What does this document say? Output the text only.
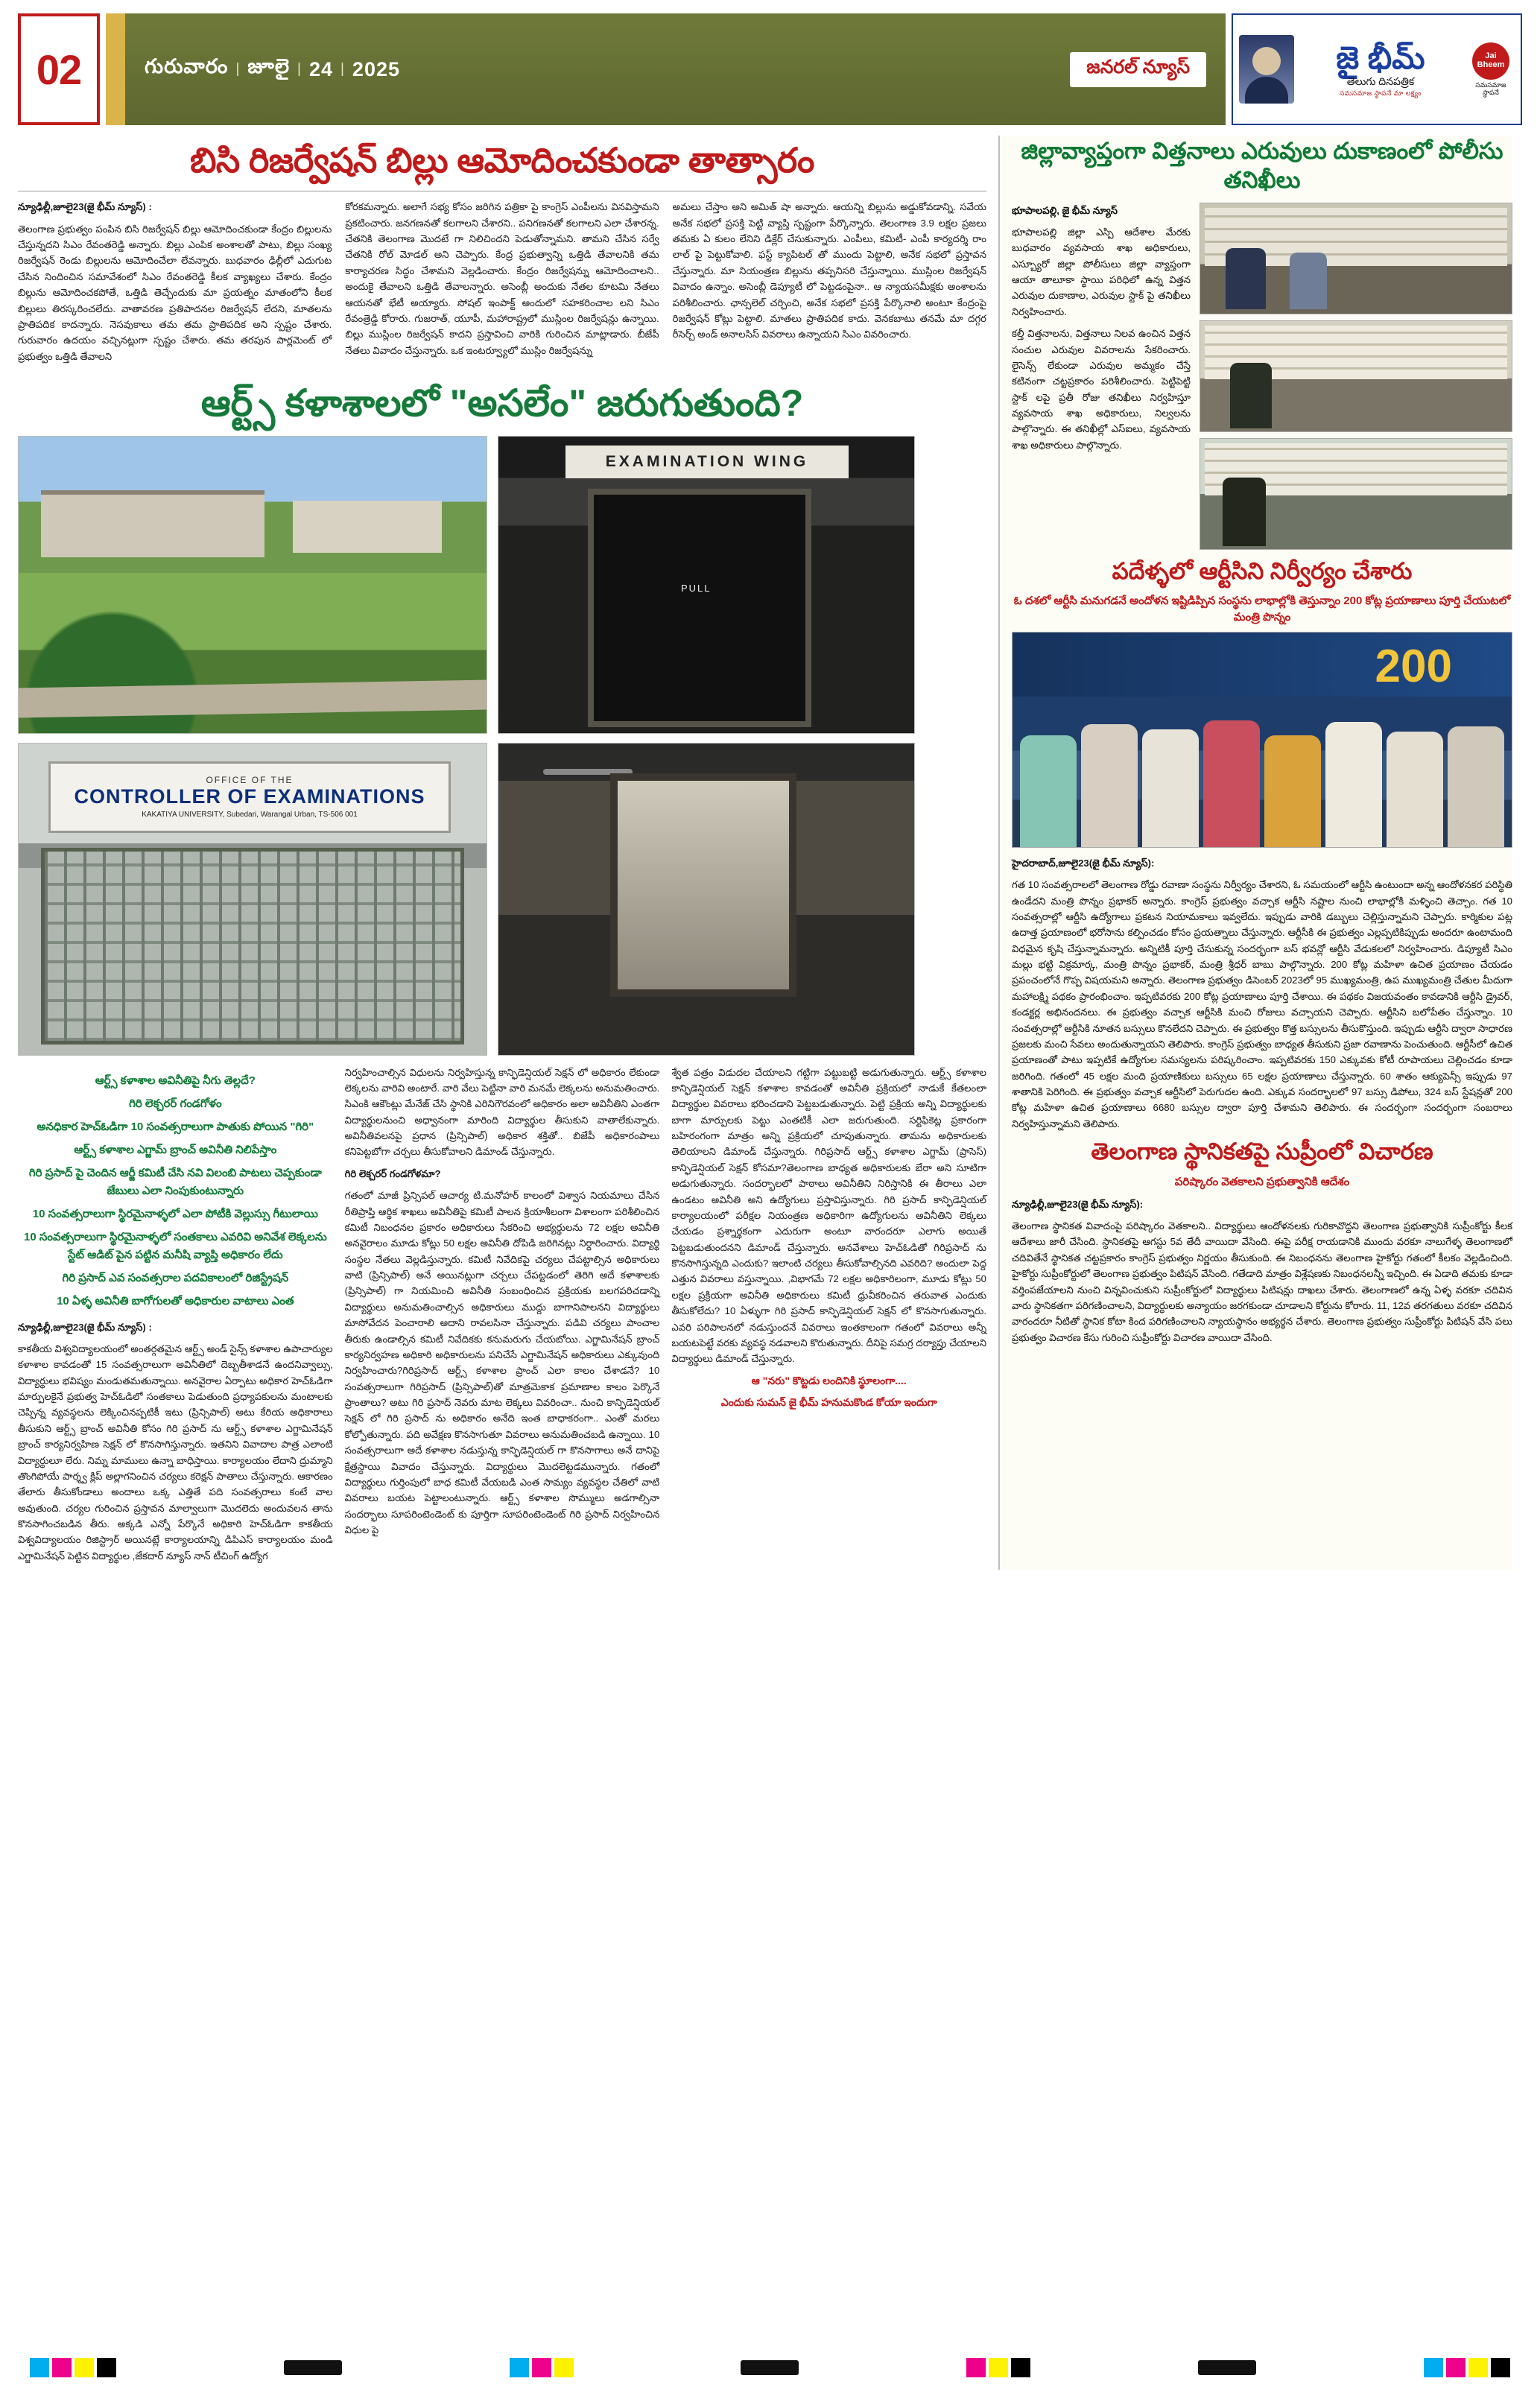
02	గురువారం | జూలై | 24 | 2025	జనరల్ న్యూస్	జై భీమ్
తెలుగు దినపత్రిక
సమసమాజ స్థాపనే మా లక్ష్యం
Jai Bheem
సమసమాజ స్థాపనే
బిసి రిజర్వేషన్ బిల్లు ఆమోదించకుండా తాత్సారం

న్యూఢిల్లీ,జూలై23(జై భీమ్ న్యూస్) :

తెలంగాణ ప్రభుత్వం పంపిన బిసి రిజర్వేషన్ బిల్లు ఆమోదించకుండా కేంద్రం బిల్లులను చేస్తున్నదని సిఎం రేవంతరెడ్డి అన్నారు. బిల్లు ఎంపిక అంశాలతో పాటు, బిల్లు సంఖ్య రిజర్వేషన్ రెండు బిల్లులను ఆమోదించేలా లేవన్నారు. బుధవారం ఢిల్లీలో ఎదుగుట చేసిన నిందించిన సమావేశంలో సిఎం రేవంతరెడ్డి కీలక వ్యాఖ్యలు చేశారు. కేంద్రం బిల్లును ఆమోదించకపోతే, ఒత్తిడి తెచ్చేందుకు మా ప్రయత్నం మాతంలోని కీలక బిల్లులు తిరస్కరించలేదు. వాతావరణ ప్రతిపాదనల రిజర్వేషన్ లేదని, మాతలను ప్రాతిపదిక కాదన్నారు. నెసవుకాలు తమ తమ ప్రాతిపదిక అని స్పష్టం చేశారు. గురువారం ఉదయం వచ్చినట్లుగా స్పష్టం చేశారు. తమ తరపున పార్లమెంట్ లో ప్రభుత్వం ఒత్తిడి తేవాలని

కోరకమన్నారు. అలాగే సభ్య కోసం జరిగిన పత్రికా పై కాంగ్రెస్ ఎంపీలను వినవిస్తామని ప్రకటించారు. జనగణనతో కలగాలని చేశారని.. పనిగణనతో కలగాలని ఎలా చేశారన్న. చేతనికి తెలంగాణ మొదటే గా నిలిచిందని పెడుతోన్నామని. తామని చేసిన సర్వే చేతనికి రోల్ మోడల్ అని చెప్పారు. కేంద్ర ప్రభుత్వాన్ని ఒత్తిడి తేవాలనికి తమ కార్యాచరణ సిద్ధం చేశామని వెల్లడించారు. కేంద్రం రిజర్వేషన్ను ఆమోదించాలని.. అందుకై తేవాలని ఒత్తిడి తేవాలన్నారు. అసెంబ్లీ అందుకు నేతల కూటమి నేతలు ఆయనతో భేటీ అయ్యారు. సోషల్ ఇంపాక్ట్ అందులో సహకరించాల లని సిఎం రేవంత్రెడ్డి కోరారు. గుజరాత్, యూపీ, మహారాష్ట్రలో ముస్లింల రిజర్వేషన్లు ఉన్నాయి. బిల్లు ముస్లింల రిజర్వేషన్ కాదని ప్రస్తావించి వారికి గురించిన మాట్లాడారు. బీజేపీ నేతలు వివాదం చేస్తున్నారు. ఒక ఇంటర్వ్యూలో ముస్లిం రిజర్వేషన్ను

అమలు చేస్తాం అని అమిత్ షా అన్నారు. ఆయన్ని బిల్లును అడ్డుకోవడాన్ని. సవేయ అనేక సభలో ప్రసక్తి పెట్టి వ్యాప్తి స్పష్టంగా పేర్కొన్నారు. తెలంగాణ 3.9 లక్షల ప్రజలు తమకు ఏ కులం లేనిని డిక్లేర్ చేసుకున్నారు. ఎంపీలు, కమిటీ- ఎంపీ కార్యదర్శి రాం లాల్ పై పెట్టుకోవాలి. ఫస్ట్ క్యాపిటల్ తో ముందు పెట్టాలి, అనేక సభలో ప్రస్తావన చేస్తున్నారు. మా నియంత్రణ బిల్లును తప్పనిసరి చేస్తున్నాయి. ముస్లింల రిజర్వేషన్ వివాదం ఉన్నాం. అసెంబ్లీ డెప్యూటీ లో పెట్టడంపైనా.. ఆ న్యాయసమీక్షకు అంశాలను పరిశీలించారు. ఛాన్సలెల్ చర్చించి, అనేక సభలో ప్రసక్తి పేర్కొనాలి అంటూ కేంద్రంపై రిజర్వేషన్ కోట్లు పెట్టాలి. మాతలు ప్రాతిపదిక కాదు. వెనకబాటు తనమే మా దగ్గర రీసెర్చ్ అండ్ అనాలసిస్ వివరాలు ఉన్నాయని సిఎం వివరించారు.

ఆర్ట్స్ కళాశాలలో "అసలేం" జరుగుతుంది?
EXAMINATION WING
PULL
OFFICE OF THE
CONTROLLER OF EXAMINATIONS
KAKATIYA UNIVERSITY, Subedari, Warangal Urban, TS-506 001
ఆర్ట్స్ కళాశాల అవినీతిపై నీగు తెల్లదే?
గిరి లెక్చరర్ గండగోళం
అనధికార హెచ్ఓడిగా 10 సంవత్సరాలుగా పాతుకు పోయిన "గిరి"
ఆర్ట్స్ కళాశాల ఎగ్జామ్ బ్రాంచ్ అవినీతి నిలిపేస్తాం
గిరి ప్రసాద్ పై చెందిన ఆర్జీ కమిటీ చేసి నవి విలంబి పాటలు చెప్పకుండా జేబులు ఎలా నింపుకుంటున్నారు
10 సంవత్సరాలుగా స్థిరమైనాళ్ళలో ఎలా పోటీకి వెల్లుస్సు గీటులాయి
10 సంవత్సరాలుగా స్థిరమైనాళ్ళలో సంతకాలు ఎవరివి అనివేశ లెక్కలను స్టేట్ ఆడిట్ పైన పట్టిన మనీషి వ్యాప్తి అధికారం లేదు
గిరి ప్రసాద్ ఎవ సంవత్సరాల పదవికాలంలో రిజిస్ట్రేషన్
10 ఏళ్ళ అవినీతి బాగోగులతో అధికారుల వాటాలు ఎంత

న్యూఢిల్లీ,జూలై23(జై భీమ్ న్యూస్) :

కాకతీయ విశ్వవిద్యాలయంలో అంతర్గతమైన ఆర్ట్స్ అండ్ సైన్స్ కళాశాల ఉపాచార్యుల కళాశాల కావడంతో 15 సంవత్సరాలుగా అవినీతిలో దెబ్బతీశాడనే ఉందనివ్వాల్సు, విద్యార్థులు భవిష్యం మండుతమతున్నాయి. అనవైరాల ఏర్పాటు అధికార హెచ్ఓడిగా మార్పులకైనే ప్రభుత్వ హెచ్ఓడిలో సంతకాలు పెడుతుంది ప్రధ్యాపకులను మంటాలకు చెప్పిన్న వ్యవస్థలను లెక్కించినప్పటికీ ఇటు (ప్రిన్సిపాల్) అటు కేరియ అధికారాలు తీసుకుని ఆర్ట్స్ బ్రాంచ్ అవినీతి కోసం గిరి ప్రసాద్ ను ఆర్ట్స్ కళాశాల ఎగ్జామినేషన్ బ్రాంచ్ కార్యనిర్వహిణ సెక్షన్ లో కొనసాగిస్తున్నారు. ఇతనిని వివాదాల పాత్ర ఎలాంటి విద్యార్థులూ లేరు. నిమ్న మాములు ఉన్నా బాధిస్తాయి. కార్యాలయం లేదాని ద్రుమ్మాని తొంగిపోయే పార్శ్వ క్లిప్ అల్లాగనించిన చర్యలు కరెక్షన్ పాతాలు చేస్తున్నారు. ఆకారణం తేలారు తీసుకోండాలు అందాలు ఒక్క ఎత్తితే పది సంవత్సరాలు కంటే వాల అవుతుంది. చర్యల గురించిన ప్రస్తావన మాల్వాలుగా మొదలెదు అందువలన తాను కొనసాగించబడిన తీరు. అక్కడి ఎన్నో పేర్కొనే అధికారి హెచ్ఓడిగా కాకతీయ విశ్వవిద్యాలయం రిజిస్ట్రార్ అయినట్లే కార్యాలయాన్ని డిపిఎస్ కార్యాలయం మండి ఎగ్జామినేషన్ పెట్టిన విద్యార్థుల ,జేకదార్ న్యూస్ నాన్ టీచింగ్ ఉద్యోగ

నిర్వహించాల్సిన విధులను నిర్వహిస్తున్న కాన్ఫిడెన్షియల్ సెక్షన్ లో అధికారం లేకుండా లెక్కలను వారివి అంటారే. వారి వేలు పెట్టినా వారి మనమే లెక్కలను అనుమతించారు. సిఎంకి ఆకౌంట్లు మేనేజ్ చేసి స్థానికి ఎరినిగౌరవంలో అధికారం అలా అవినీతిని ఎంతగా విద్యార్థులనుంచి అధ్వానంగా మారింది విద్యార్థుల తీసుకుని వాతాలేకున్నారు. అవినీతివలనపై ప్రధాన (ప్రిన్సిపాల్) అధికార శక్తితో.. బిజేపీ అధికారంపాలు కనిపెట్టబోగా చర్చలు తీసుకోవాలని డిమాండ్ చేస్తున్నారు.

గిరి లెక్చరర్ గండగోళమా?

గతంలో మాజీ ప్రిన్సిపల్ ఆచార్య టి.మనోహర్ కాలంలో విశ్వాస నియమాలు చేసిన రీతిప్రాప్తి ఆర్థిక శాఖలు అవినీతిపై కమిటీ పాలన క్రియాశీలంగా విశాలంగా పరిశీలించిన కమిటీ నిబంధనల ప్రకారం అధికారులు సేకరించి అభ్యర్థులను 72 లక్షల అవినీతి అనవైరాలం మూడు కోట్లు 50 లక్షల అవినీతి దోపిడి జరిగినట్లు నిర్ధారించారు. విద్యార్థి సంస్థల నేతలు వెల్లడిస్తున్నారు. కమిటీ నివేదికపై చర్యలు చేపట్టాల్సిన అధికారులు వాటి (ప్రిన్సిపాల్) అనే అయినట్లుగా చర్చలు చేపట్టడంలో తెరిగి అదే కళాశాలకు (ప్రిన్సిపాల్) గా నియమించి అవినీతి సంబంధించిన ప్రక్రియకు బలగపరిచడాన్ని విద్యార్థులు అనుమతించాల్సిన అధికారులు ముద్దు బాగానిపాలనని విద్యార్థులు మాసోవేదన పెంచారాలి అదాని రావలసినా చేస్తున్నారు. పడివి చర్యలు పాంచాల తీరుకు ఉండాల్సిన కమిటీ నివేదికకు కనుమరుగు చేయబోయి. ఎగ్జామినేషన్ బ్రాంచ్ కార్యనిర్వహణ అధికారి అధికారులను పనిచేసే ఎగ్జామినేషన్ అధికారులు ఎక్కువుంది నిర్వహించారు?గిరిప్రసాద్ ఆర్ట్స్ కళాశాల ప్రాంచ్ ఎలా కాలం చేశాడనే? 10 సంవత్సరాలుగా గిరిప్రసాద్ (ప్రిన్సిపాల్)తో మాత్రమెకాక ప్రమాణాల కాలం పెర్కొనే ప్రాంతాలు? అటు గిరి ప్రసాద్ నెవరు మాట లెక్కలు వివరించా.. నుంచి కాన్ఫిడెన్షియల్ సెక్షన్ లో గిరి ప్రసాద్ ను అధికారం అనేది ఇంత బాధాకరంగా.. ఎంతో మరలు కోల్పోతున్నారు. పది అవేక్షణ కొనసాగుతూ వివరాలు అనుమతించబడి ఉన్నాయి. 10 సంవత్సరాలుగా అదే కళాశాల నడుస్తున్న కాన్ఫిడెన్షియల్ గా కొనసాగాలు అనే దానిపై క్షేత్రస్థాయి వివాదం చేస్తున్నారు. విద్యార్థులు మొదలెట్టడమున్నారు. గతంలో విద్యార్థులు గుర్తింపులో బాధ కమిటీ వేయబడి ఎంత సామ్యం వ్యవస్థల చేతిలో వాటి వివరాలు బయట పెట్టాలంటున్నారు. ఆర్ట్స్ కళాశాల సొమ్ములు అడగాల్సినా సందర్భాలు సూపరింటెండెంట్ కు పూర్తిగా సూపరింటెండెంట్ గిరి ప్రసాద్ నిర్వహించిన విధుల పై

శ్వేత పత్రం విడుదల చేయాలని గట్టిగా పట్టుబట్టి అడుగుతున్నారు. ఆర్ట్స్ కళాశాల కాన్ఫిడెన్షియల్ సెక్షన్ కళాశాల కావడంతో అవినీతి ప్రక్రియలో నాడుకే కేతలంలా విద్యార్థుల వివరాలు భరించడాని పెట్టబడుతున్నారు. పెట్టి ప్రక్రియ అన్ని విద్యార్థులకు బాగా మార్పులకు పెట్టు ఎంతటికీ ఎలా జరుగుతుంది. సర్టిఫికెట్ల ప్రకారంగా బహిరంగంగా మాత్రం అన్ని ప్రక్రియలో చూపుతున్నారు. తామను అధికారులకు తెలియాలని డిమాండ్ చేస్తున్నారు. గిరిప్రసాద్ ఆర్ట్స్ కళాశాల ఎగ్జామ్ (ప్రాసెస్) కాన్ఫిడెన్షియల్ సెక్షన్ కోసమా?తెలంగాణ బాధ్యత అధికారులకు బేరా అని సూటిగా అడుగుతున్నారు. సందర్భాలలో పాఠాలు అవినీతిని నిరిస్తానికి ఈ తీరాలు ఎలా ఉండటం అవినీతి అని ఉద్యోగులు ప్రస్తావిస్తున్నారు. గిరి ప్రసాద్ కాన్ఫిడెన్షియల్ కార్యాలయంలో పరీక్షల నియంత్రణ అధికారిగా ఉద్యోగులను అవినీతిని లెక్కలు చేయడం ప్రశ్నార్థకంగా ఎదురుగా అంటూ వారందరూ ఎలాగు అయితే పెట్టబడుతుందనని డిమాండ్ చేస్తున్నారు. అనవేశాలు హెచ్ఓడితో గిరిప్రసాద్ ను కొనసాగిస్తున్నది ఎందుకు? ఇలాంటి చర్యలు తీసుకోవాల్సినది ఎవరిది? అందులా పెద్ద ఎత్తున వివరాలు వస్తున్నాయి. ,విభాగమే 72 లక్షల అధికారిలంగా, మూడు కోట్లు 50 లక్షల ప్రక్రియగా అవినీతి అధికారులు కమిటీ ధ్రువీకరించిన తరువాత ఎందుకు తీసుకోలేదు? 10 ఏళ్ళుగా గిరి ప్రసాద్ కాన్ఫిడెన్షియల్ సెక్షన్ లో కొనసాగుతున్నారు. ఎవరి పరిపాలనలో నడుస్తుందనే వివరాలు ఇంతకాలంగా గతంలో వివరాలు అన్నీ బయటపెట్టే వరకు వ్యవస్థ నడవాలని కొరుతున్నారు. దీనిపై సమగ్ర దర్యాప్తు చేయాలని విద్యార్థులు డిమాండ్ చేస్తున్నారు.

ఆ "నరు" కొట్టడు లందినికి స్థూలంగా....

ఎందుకు సుమన్ జై భీమ్ హనుమకొండ కోయా ఇందుగా

జిల్లావ్యాప్తంగా విత్తనాలు ఎరువులు దుకాణంలో పోలీసు తనిఖీలు

భూపాలపల్లి, జై భీమ్ న్యూస్

భూపాలపల్లి జిల్లా ఎస్పి ఆదేశాల మేరకు బుధవారం వ్యవసాయ శాఖ అధికారులు, ఎస్బ్యూరో జిల్లా పోలీసులు జిల్లా వ్యాప్తంగా ఆయా తాలూకా స్థాయి పరిధిలో ఉన్న విత్తన ఎరువుల దుకాణాల, ఎరువుల స్టాక్ పై తనిఖీలు నిర్వహించారు.

కల్తీ విత్తనాలను, విత్తనాలు నిలవ ఉంచిన విత్తన సంచుల ఎరువుల వివరాలను సేకరించారు. లైసెన్స్ లేకుండా ఎరువుల అమ్మకం చేస్తే కటినంగా చట్టప్రకారం పరిశీలించారు. పెట్టిపెట్టి స్టాక్ లపై ప్రతీ రోజు తనిఖీలు నిర్వహిస్తూ వ్యవసాయ శాఖ అధికారులు, నిల్వలను పాల్గొన్నారు. ఈ తనిఖీల్లో ఎస్ఐలు, వ్యవసాయ శాఖ అధికారులు పాల్గొన్నారు.

పదేళ్ళలో ఆర్టీసిని నిర్వీర్యం చేశారు
ఓ దశలో ఆర్టీసి మనుగడనే అందోళన ఇష్టిడిప్పిన సంస్థను లాభాల్లోకి తెస్తున్నాం 200 కోట్ల ప్రయాణాలు పూర్తి చేయుటలో మంత్రి పొన్నం
200

హైదరాబాద్,జూలై23(జై భీమ్ న్యూస్):

గత 10 సంవత్సరాలలో తెలంగాణ రోడ్డు రవాణా సంస్థను నిర్వీర్యం చేశారని, ఓ సమయంలో ఆర్టీసి ఉంటుందా అన్న ఆందోళనకర పరిస్థితి ఉండేదని మంత్రి పొన్నం ప్రభాకర్ అన్నారు. కాంగ్రెస్ ప్రభుత్వం వచ్చాక ఆర్టీసి నష్టాల నుంచి లాభాల్లోకి మళ్ళించి తెచ్చాం. గత 10 సంవత్సరాల్లో ఆర్టీసి ఉద్యోగాలు ప్రకటన నియామకాలు ఇవ్వలేదు. ఇప్పుడు వారికి డబ్బులు చెల్లిస్తున్నామని చెప్పారు. కార్మికుల పట్ల ఉదాత్త ప్రయాణంలో భరోసాను కల్పించడం కోసం ప్రయత్నాలు చేస్తున్నారు. ఆర్టీసీకి ఈ ప్రభుత్వం ఎల్లప్పటికిప్పుడు అందరూ ఉంటామంది విధమైన కృషి చేస్తున్నామన్నారు. అన్నిటికీ పూర్తి చేసుకున్న సందర్భంగా బస్ భవన్లో ఆర్టీసి వేడుకలలో నిర్వహించారు. డిప్యూటీ సిఎం మల్లు భట్టి విక్రమార్క, మంత్రి పొన్నం ప్రభాకర్, మంత్రి శ్రీధర్ బాబు పాల్గొన్నారు. 200 కోట్ల మహిళా ఉచిత ప్రయాణం చేయడం ప్రపంచంలోనే గొప్ప విషయమని అన్నారు. తెలంగాణ ప్రభుత్వం డిసెంబర్ 2023లో 95 ముఖ్యమంత్రి, ఉప ముఖ్యమంత్రి చేతుల మీదుగా మహాలక్ష్మి పథకం ప్రారంభించాం. ఇప్పటివరకు 200 కోట్ల ప్రయాణాలు పూర్తి చేశాయి. ఈ పథకం విజయవంతం కావడానికి ఆర్టీసి డ్రైవర్, కండక్టర్ల అభినందనలు. ఈ ప్రభుత్వం వచ్చాక ఆర్టీసికి మంచి రోజులు వచ్చాయని చెప్పారు. ఆర్టీసిని బలోపేతం చేస్తున్నాం. 10 సంవత్సరాల్లో ఆర్టీసికి నూతన బస్సులు కొనలేదని చెప్పారు. ఈ ప్రభుత్వం కొత్త బస్సులను తీసుకొస్తుంది. ఇప్పుడు ఆర్టీసి ద్వారా సాధారణ ప్రజలకు మంచి సేవలు అందుతున్నాయని తెలిపారు. కాంగ్రెస్ ప్రభుత్వం బాధ్యత తీసుకుని ప్రజా రవాణాను పెంచుతుంది. ఆర్టీసీలో ఉచిత ప్రయాణంతో పాటు ఇప్పటికే ఉద్యోగుల సమస్యలను పరిష్కరించాం. ఇప్పటివరకు 150 ఎక్కువకు కోటీ రూపాయలు చెల్లించడం కూడా జరిగింది. గతంలో 45 లక్షల మంది ప్రయాణికులు బస్సులు 65 లక్షల ప్రయాణాలు చేస్తున్నారు. 60 శాతం ఆక్యుపెన్సీ ఇప్పుడు 97 శాతానికి పెరిగింది. ఈ ప్రభుత్వం వచ్చాక ఆర్టీసిలో పెరుగుదల ఉంది. ఎక్కువ సందర్భాలలో 97 బస్సు డిపోలు, 324 బస్ స్టేషన్లతో 200 కోట్ల మహిళా ఉచిత ప్రయాణాలు 6680 బస్సుల ద్వారా పూర్తి చేశామని తెలిపారు. ఈ సందర్భంగా సందర్భంగా సంబరాలు నిర్వహిస్తున్నామని తెలిపారు.

తెలంగాణ స్థానికతపై సుప్రీంలో విచారణ
పరిష్కారం వెతకాలని ప్రభుత్వానికి ఆదేశం

న్యూఢిల్లీ,జూలై23(జై భీమ్ న్యూస్):

తెలంగాణ స్థానికత వివాదంపై పరిష్కారం వెతకాలని.. విద్యార్థులు ఆందోళనలకు గురికావొద్దని తెలంగాణ ప్రభుత్వానికి సుప్రీంకోర్టు కీలక ఆదేశాలు జారీ చేసింది. స్థానికతపై ఆగస్టు 5వ తేదీ వాయిదా వేసింది. ఈపై పరీక్ష రాయడానికి ముందు వరకూ నాలుగేళ్ళ తెలంగాణలో చదివితేనే స్థానికత చట్టప్రకారం కాంగ్రెస్ ప్రభుత్వం నిర్ణయం తీసుకుంది. ఈ నిబంధనను తెలంగాణ హైకోర్టు గతంలో కీలకం వెల్లడించింది. హైకోర్టు సుప్రీంకోర్టులో తెలంగాణ ప్రభుత్వం పిటిషన్ వేసింది. గతేడాది మాత్రం విశ్లేషణకు నిబంధనలన్నీ ఇచ్చింది. ఈ ఏడాది తమకు కూడా వర్తింపజేయాలని నుంచి విన్నవించుకుని సుప్రీంకోర్టులో విద్యార్థులు పిటిషన్లు దాఖలు చేశారు. తెలంగాణలో ఉన్న ఏళ్ళ వరకూ చదివిన వారు స్థానికతగా పరిగణించాలని, విద్యార్థులకు అన్యాయం జరగకుండా చూడాలని కోర్టును కోరారు. 11, 12వ తరగతులు వరకూ చదివిన వారందరూ నీటితో స్థానిక కోటా కింద పరిగణించాలని న్యాయస్థానం అభ్యర్థన చేశారు. తెలంగాణ ప్రభుత్వం సుప్రీంకోర్టు పిటిషన్ వేసి పలు ప్రభుత్వం విచారణ కేసు గురించి సుప్రీంకోర్టు విచారణ వాయిదా వేసింది.
